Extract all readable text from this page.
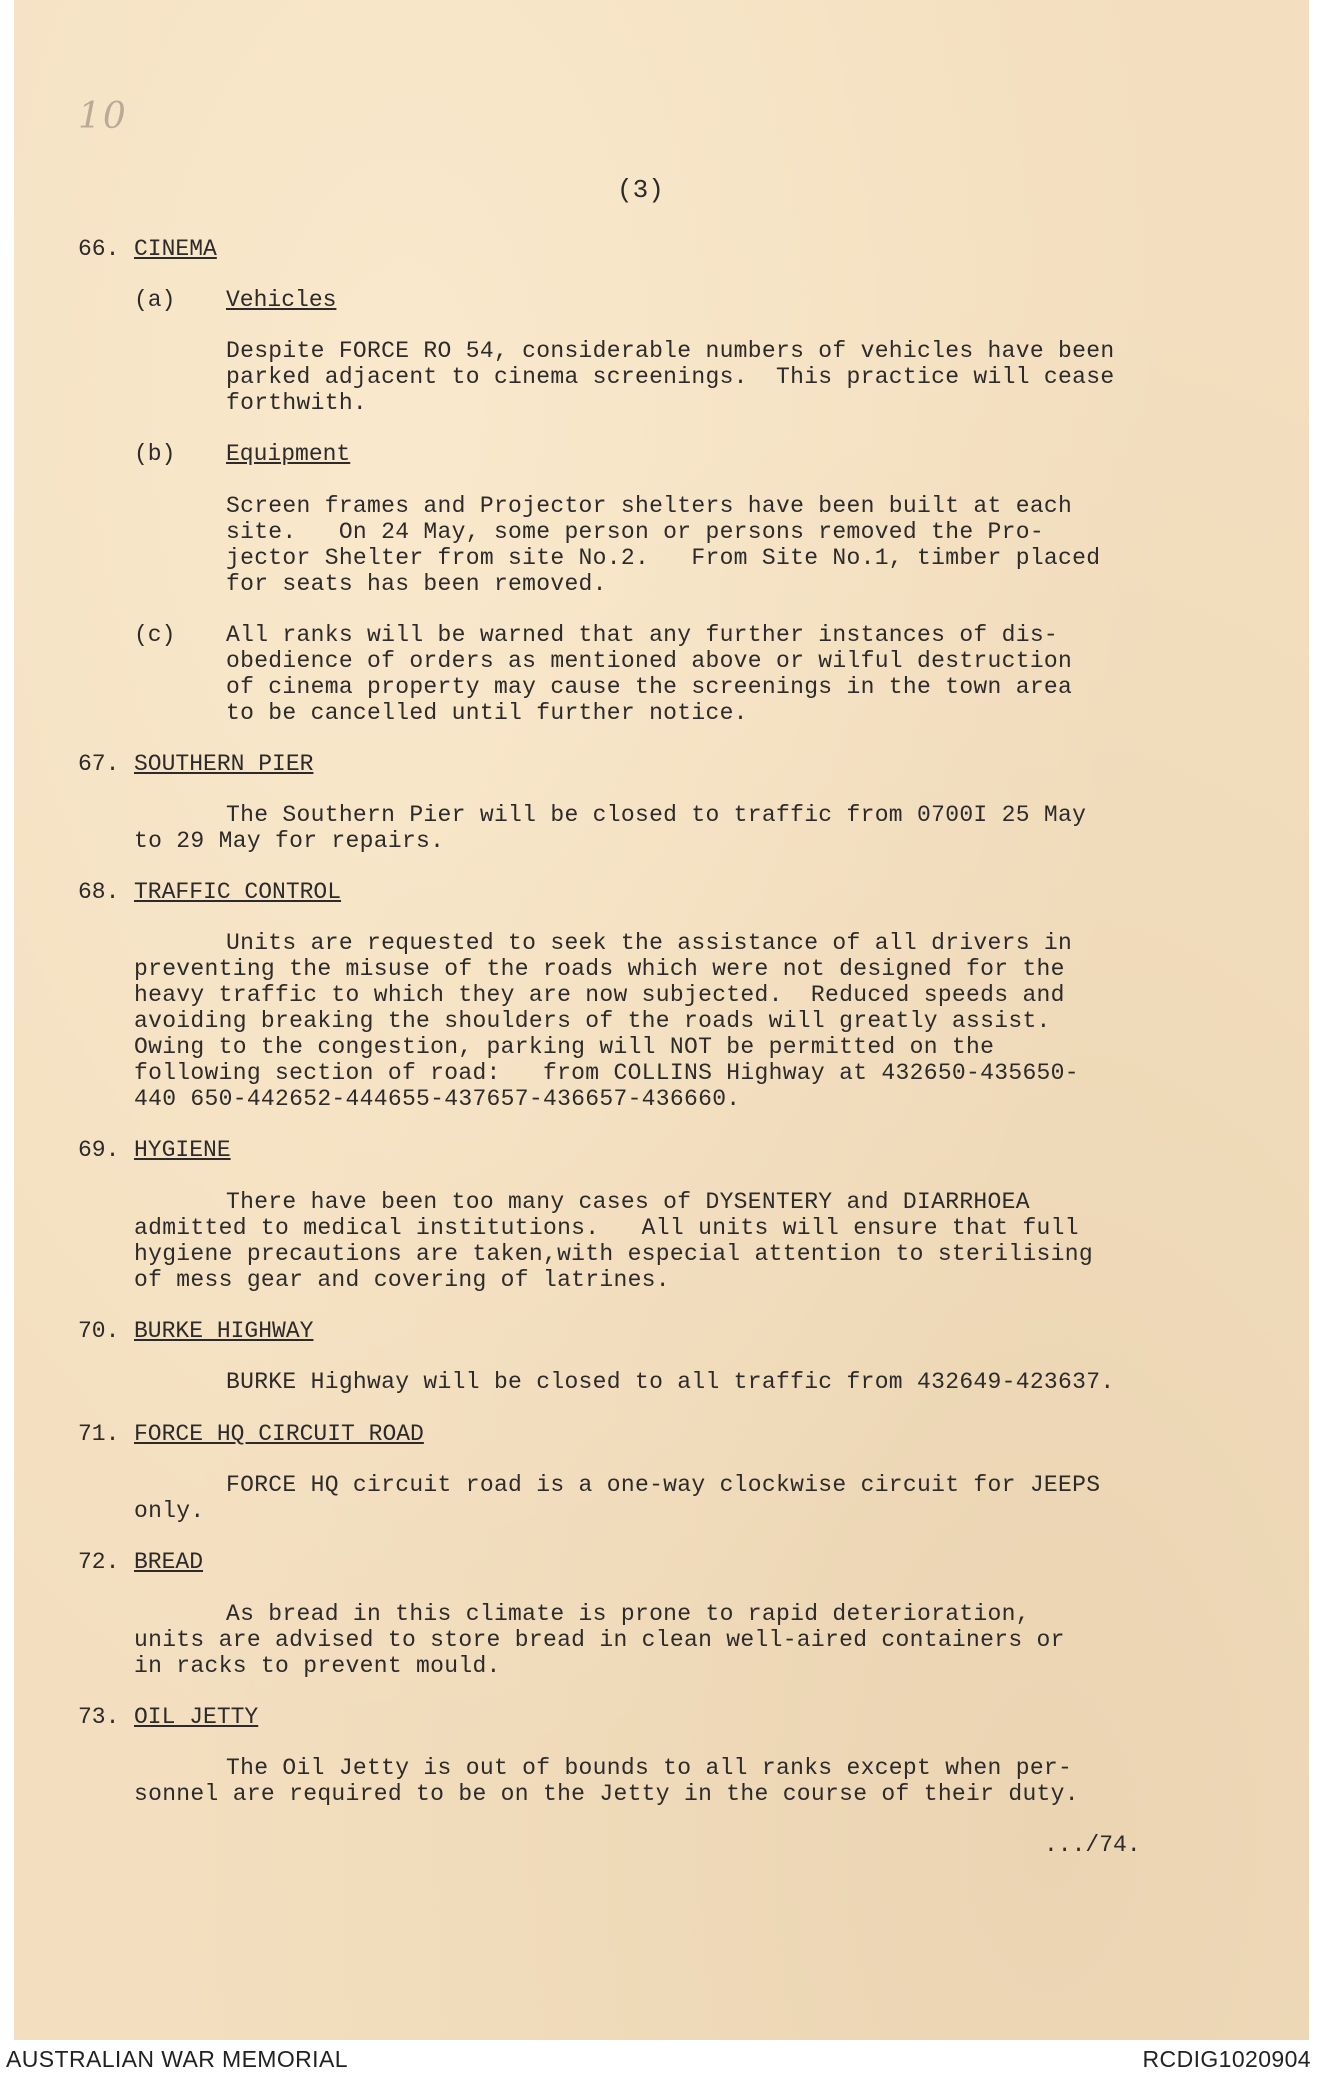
10
(3)
66. CINEMA
(a) Vehicles

Despite FORCE RO 54, considerable numbers of vehicles have been

parked adjacent to cinema screenings.  This practice will cease

forthwith.

(b) Equipment

Screen frames and Projector shelters have been built at each

site.   On 24 May, some person or persons removed the Pro-

jector Shelter from site No.2.   From Site No.1, timber placed

for seats has been removed.

(c) All ranks will be warned that any further instances of dis-

obedience of orders as mentioned above or wilful destruction

of cinema property may cause the screenings in the town area

to be cancelled until further notice.

67. SOUTHERN PIER

The Southern Pier will be closed to traffic from 0700I 25 May

to 29 May for repairs.

68. TRAFFIC CONTROL

Units are requested to seek the assistance of all drivers in

preventing the misuse of the roads which were not designed for the

heavy traffic to which they are now subjected.  Reduced speeds and

avoiding breaking the shoulders of the roads will greatly assist.

Owing to the congestion, parking will NOT be permitted on the

following section of road:   from COLLINS Highway at 432650-435650-

440 650-442652-444655-437657-436657-436660.

69. HYGIENE

There have been too many cases of DYSENTERY and DIARRHOEA

admitted to medical institutions.   All units will ensure that full

hygiene precautions are taken,with especial attention to sterilising

of mess gear and covering of latrines.

70. BURKE HIGHWAY

BURKE Highway will be closed to all traffic from 432649-423637.

71. FORCE HQ CIRCUIT ROAD

FORCE HQ circuit road is a one-way clockwise circuit for JEEPS

only.

72. BREAD

As bread in this climate is prone to rapid deterioration,

units are advised to store bread in clean well-aired containers or

in racks to prevent mould.

73. OIL JETTY

The Oil Jetty is out of bounds to all ranks except when per-

sonnel are required to be on the Jetty in the course of their duty.

.../74.
AUSTRALIAN WAR MEMORIAL	RCDIG1020904
